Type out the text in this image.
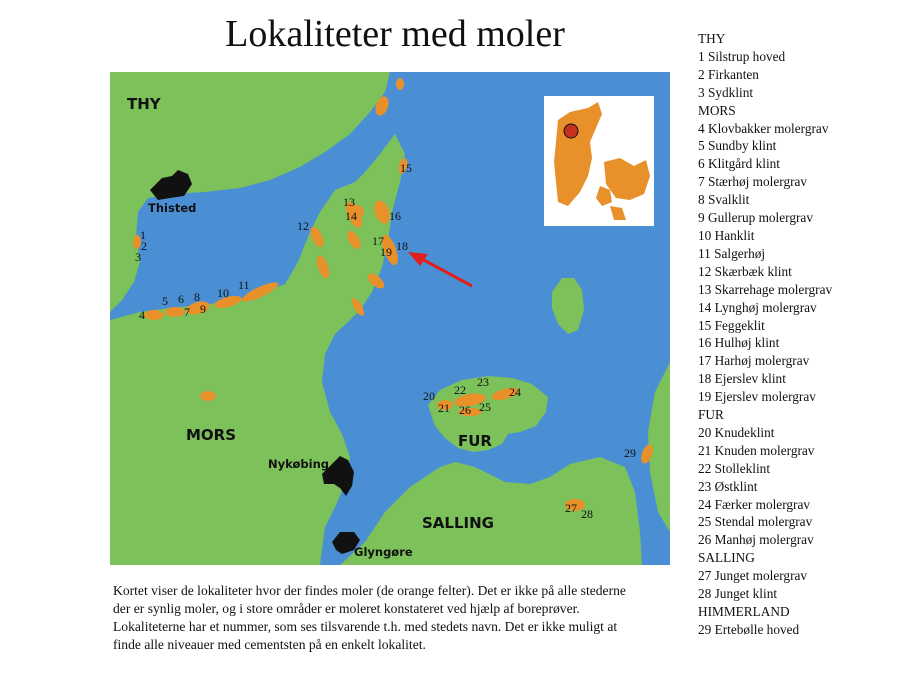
Lokaliteter med moler
THY
MORS	FUR
SALLING
Thisted
Nykøbing
Glyngøre
1
2
3
4
5 6
7
8
9
10
11
12
13
14
15
16
17 18
19
20
21
22
23
24
25
26
27 28
29

Kortet viser de lokaliteter hvor der findes moler (de orange felter). Det er ikke på alle stederne

der er synlig moler, og i store områder er moleret konstateret ved hjælp af boreprøver.

Lokaliteterne har et nummer, som ses tilsvarende t.h. med stedets navn. Det er ikke muligt at

finde alle niveauer med cementsten på en enkelt lokalitet.

THY
1 Silstrup hoved
2 Firkanten
3 Sydklint
MORS
4 Klovbakker molergrav
5 Sundby klint
6 Klitgård klint
7 Stærhøj molergrav
8 Svalklit
9 Gullerup molergrav
10 Hanklit
11 Salgerhøj
12 Skærbæk klint
13 Skarrehage molergrav
14 Lynghøj molergrav
15 Feggeklit
16 Hulhøj klint
17 Harhøj molergrav
18 Ejerslev klint
19 Ejerslev molergrav
FUR
20 Knudeklint
21 Knuden molergrav
22 Stolleklint
23 Østklint
24 Færker molergrav
25 Stendal molergrav
26 Manhøj molergrav
SALLING
27 Junget molergrav
28 Junget klint
HIMMERLAND
29 Ertebølle hoved
